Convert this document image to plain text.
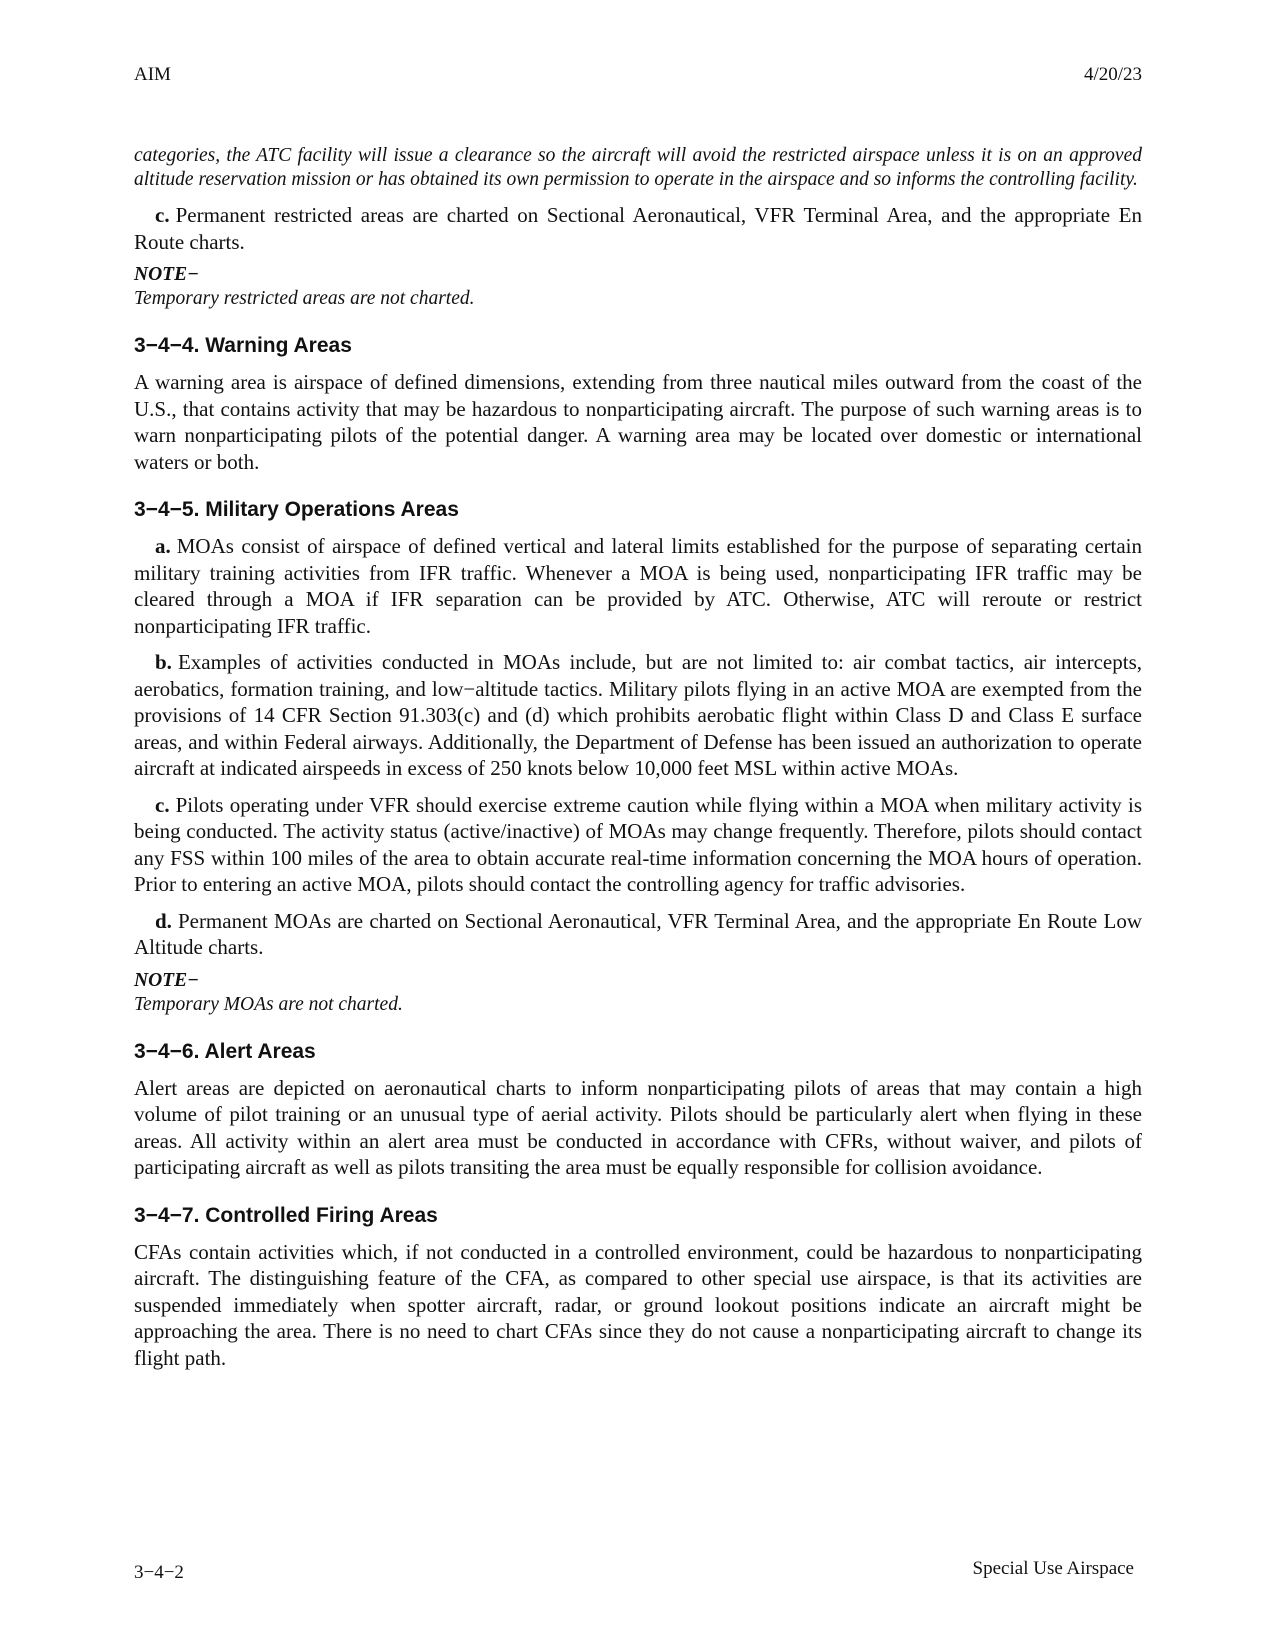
AIM	4/20/23

categories, the ATC facility will issue a clearance so the aircraft will avoid the restricted airspace unless it is on an approved altitude reservation mission or has obtained its own permission to operate in the airspace and so informs the controlling facility.

c. Permanent restricted areas are charted on Sectional Aeronautical, VFR Terminal Area, and the appropriate En Route charts.

NOTE−
Temporary restricted areas are not charted.
3−4−4. Warning Areas

A warning area is airspace of defined dimensions, extending from three nautical miles outward from the coast of the U.S., that contains activity that may be hazardous to nonparticipating aircraft. The purpose of such warning areas is to warn nonparticipating pilots of the potential danger. A warning area may be located over domestic or international waters or both.

3−4−5. Military Operations Areas

a. MOAs consist of airspace of defined vertical and lateral limits established for the purpose of separating certain military training activities from IFR traffic. Whenever a MOA is being used, nonparticipating IFR traffic may be cleared through a MOA if IFR separation can be provided by ATC. Otherwise, ATC will reroute or restrict nonparticipating IFR traffic.

b. Examples of activities conducted in MOAs include, but are not limited to: air combat tactics, air intercepts, aerobatics, formation training, and low−altitude tactics. Military pilots flying in an active MOA are exempted from the provisions of 14 CFR Section 91.303(c) and (d) which prohibits aerobatic flight within Class D and Class E surface areas, and within Federal airways. Additionally, the Department of Defense has been issued an authorization to operate aircraft at indicated airspeeds in excess of 250 knots below 10,000 feet MSL within active MOAs.

c. Pilots operating under VFR should exercise extreme caution while flying within a MOA when military activity is being conducted. The activity status (active/inactive) of MOAs may change frequently. Therefore, pilots should contact any FSS within 100 miles of the area to obtain accurate real-time information concerning the MOA hours of operation. Prior to entering an active MOA, pilots should contact the controlling agency for traffic advisories.

d. Permanent MOAs are charted on Sectional Aeronautical, VFR Terminal Area, and the appropriate En Route Low Altitude charts.

NOTE−
Temporary MOAs are not charted.
3−4−6. Alert Areas

Alert areas are depicted on aeronautical charts to inform nonparticipating pilots of areas that may contain a high volume of pilot training or an unusual type of aerial activity. Pilots should be particularly alert when flying in these areas. All activity within an alert area must be conducted in accordance with CFRs, without waiver, and pilots of participating aircraft as well as pilots transiting the area must be equally responsible for collision avoidance.

3−4−7. Controlled Firing Areas

CFAs contain activities which, if not conducted in a controlled environment, could be hazardous to nonparticipating aircraft. The distinguishing feature of the CFA, as compared to other special use airspace, is that its activities are suspended immediately when spotter aircraft, radar, or ground lookout positions indicate an aircraft might be approaching the area. There is no need to chart CFAs since they do not cause a nonparticipating aircraft to change its flight path.

3−4−2	Special Use Airspace
